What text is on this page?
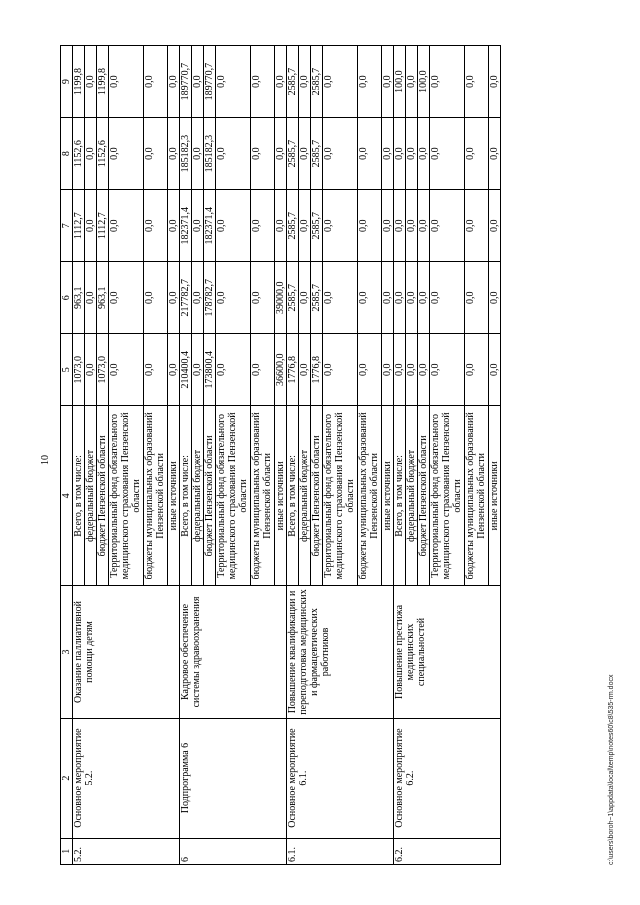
10
1	2	3	4	5	6	7	8	9
5.2.	Основное мероприятие 5.2.	Оказание паллиативной помощи детям	Всего, в том числе:	1073,0	963,1	1112,7	1152,6	1199,8
			федеральный бюджет	0,0	0,0	0,0	0,0	0,0
			бюджет Пензенской области	1073,0	963,1	1112,7	1152,6	1199,8
			Территориальный фонд обязательного медицинского страхования Пензенской области	0,0	0,0	0,0	0,0	0,0
			бюджеты муниципальных образований Пензенской области	0,0	0,0	0,0	0,0	0,0
			иные источники	0,0	0,0	0,0	0,0	0,0
6	Подпрограмма 6	Кадровое обеспечение системы здравоохранения	Всего, в том числе:	210400,4	217782,7	182371,4	185182,3	189770,7
			федеральный бюджет	0,0	0,0	0,0	0,0	0,0
			бюджет Пензенской области	173800,4	178782,7	182371,4	185182,3	189770,7
			Территориальный фонд обязательного медицинского страхования Пензенской области	0,0	0,0	0,0	0,0	0,0
			бюджеты муниципальных образований Пензенской области	0,0	0,0	0,0	0,0	0,0
			иные источники	36600,0	39000,0	0,0	0,0	0,0
6.1.	Основное мероприятие 6.1.	Повышение квалификации и переподготовка медицинских и фармацевтических работников	Всего, в том числе:	1776,8	2585,7	2585,7	2585,7	2585,7
			федеральный бюджет	0,0	0,0	0,0	0,0	0,0
			бюджет Пензенской области	1776,8	2585,7	2585,7	2585,7	2585,7
			Территориальный фонд обязательного медицинского страхования Пензенской области	0,0	0,0	0,0	0,0	0,0
			бюджеты муниципальных образований Пензенской области	0,0	0,0	0,0	0,0	0,0
			иные источники	0,0	0,0	0,0	0,0	0,0
6.2.	Основное мероприятие 6.2.	Повышение престижа медицинских специальностей	Всего, в том числе:	0,0	0,0	0,0	0,0	100,0
			федеральный бюджет	0,0	0,0	0,0	0,0	0,0
			бюджет Пензенской области	0,0	0,0	0,0	0,0	100,0
			Территориальный фонд обязательного медицинского страхования Пензенской области	0,0	0,0	0,0	0,0	0,0
			бюджеты муниципальных образований Пензенской области	0,0	0,0	0,0	0,0	0,0
			иные источники	0,0	0,0	0,0	0,0	0,0
c:\users\boroh~1\appdata\local\temp\notes60\c8\535-rm.docx
